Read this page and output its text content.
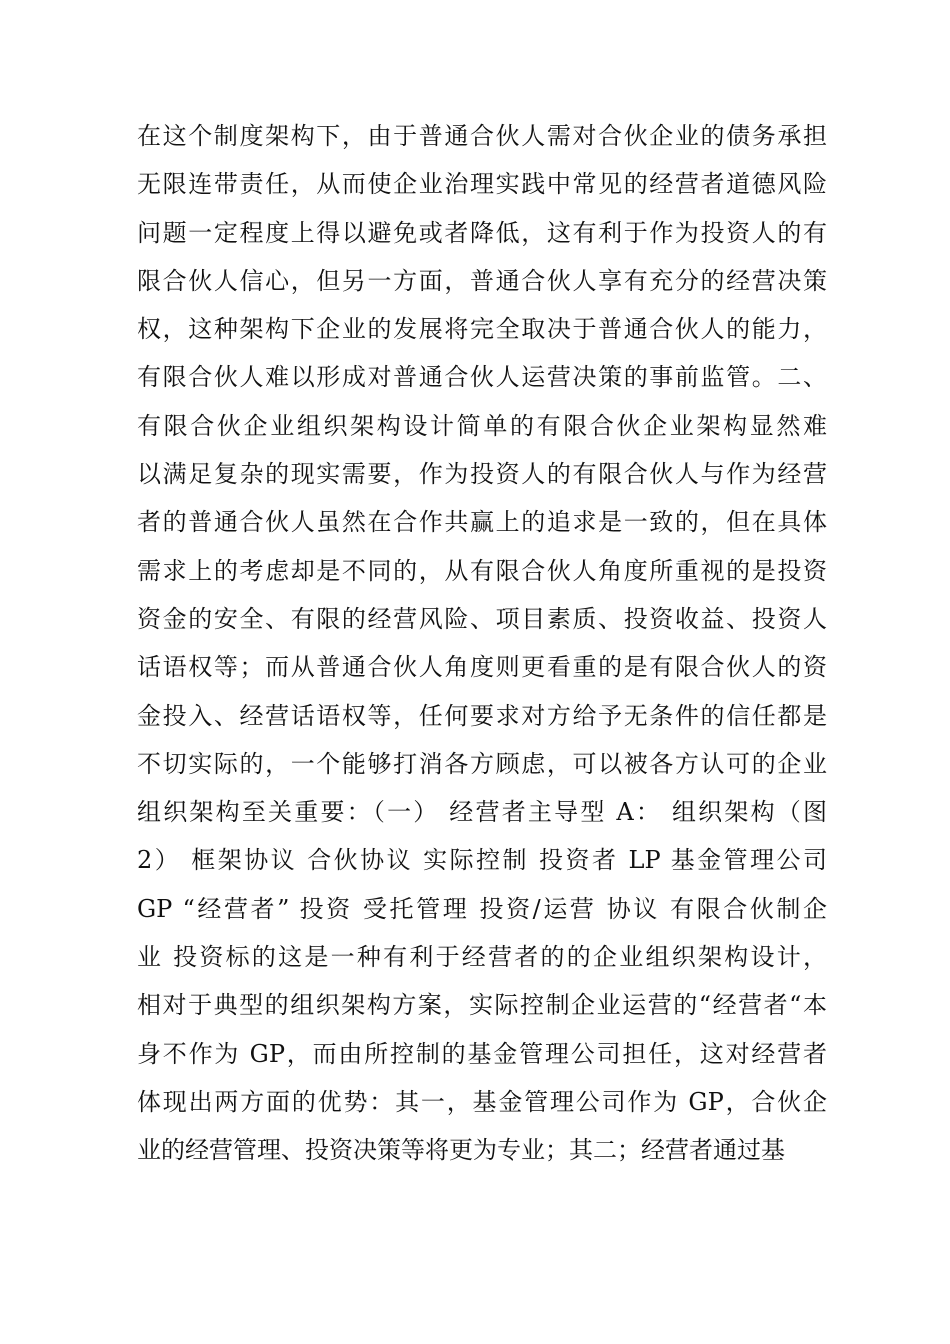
在这个制度架构下，由于普通合伙人需对合伙企业的债务承担
无限连带责任，从而使企业治理实践中常见的经营者道德风险
问题一定程度上得以避免或者降低，这有利于作为投资人的有
限合伙人信心，但另一方面，普通合伙人享有充分的经营决策
权，这种架构下企业的发展将完全取决于普通合伙人的能力，
有限合伙人难以形成对普通合伙人运营决策的事前监管。二、
有限合伙企业组织架构设计简单的有限合伙企业架构显然难
以满足复杂的现实需要，作为投资人的有限合伙人与作为经营
者的普通合伙人虽然在合作共赢上的追求是一致的，但在具体
需求上的考虑却是不同的，从有限合伙人角度所重视的是投资
资金的安全、有限的经营风险、项目素质、投资收益、投资人
话语权等；而从普通合伙人角度则更看重的是有限合伙人的资
金投入、经营话语权等，任何要求对方给予无条件的信任都是
不切实际的，一个能够打消各方顾虑，可以被各方认可的企业
组织架构至关重要：（一） 经营者主导型 A： 组织架构（图
2） 框架协议 合伙协议 实际控制 投资者 LP 基金管理公司
GP “经营者” 投资 受托管理 投资/运营 协议 有限合伙制企
业 投资标的这是一种有利于经营者的的企业组织架构设计，
相对于典型的组织架构方案，实际控制企业运营的“经营者“本
身不作为 GP，而由所控制的基金管理公司担任，这对经营者
体现出两方面的优势：其一，基金管理公司作为 GP，合伙企
业的经营管理、投资决策等将更为专业；其二；经营者通过基
